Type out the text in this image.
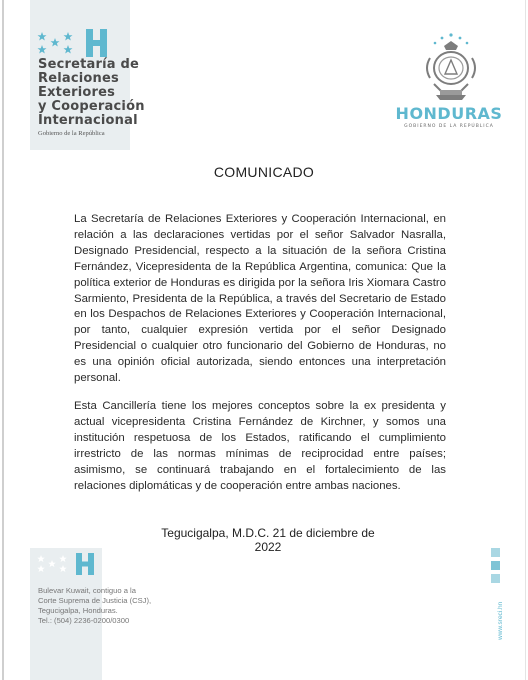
Secretaría de
Relaciones
Exteriores
y Cooperación
Internacional
Gobierno de la República
HONDURAS
GOBIERNO DE LA REPÚBLICA
COMUNICADO

La Secretaría de Relaciones Exteriores y Cooperación Internacional, en relación a las declaraciones vertidas por el señor Salvador Nasralla, Designado Presidencial, respecto a la situación de la señora Cristina Fernández, Vicepresidenta de la República Argentina, comunica: Que la política exterior de Honduras es dirigida por la señora Iris Xiomara Castro Sarmiento, Presidenta de la República, a través del Secretario de Estado en los Despachos de Relaciones Exteriores y Cooperación Internacional, por tanto, cualquier expresión vertida por el señor Designado Presidencial o cualquier otro funcionario del Gobierno de Honduras, no es una opinión oficial autorizada, siendo entonces una interpretación personal.

Esta Cancillería tiene los mejores conceptos sobre la ex presidenta y actual vicepresidenta Cristina Fernández de Kirchner, y somos una institución respetuosa de los Estados, ratificando el cumplimiento irrestricto de las normas mínimas de reciprocidad entre países; asimismo, se continuará trabajando en el fortalecimiento de las relaciones diplomáticas y de cooperación entre ambas naciones.

Tegucigalpa, M.D.C. 21 de diciembre de 2022
Bulevar Kuwait, contiguo a la
Corte Suprema de Justicia (CSJ),
Tegucigalpa, Honduras.
Tel.: (504) 2236-0200/0300	www.sreci.hn
